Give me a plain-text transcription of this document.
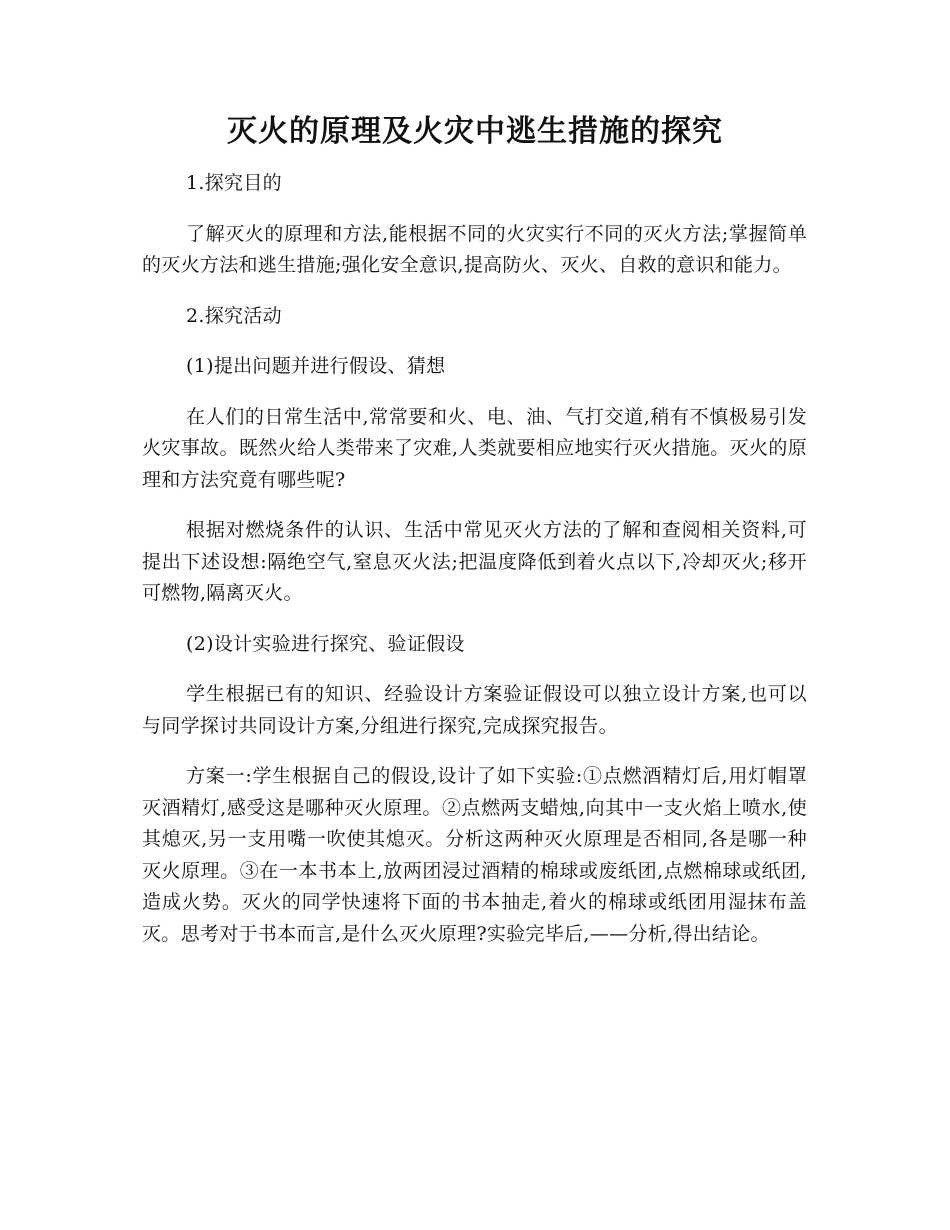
灭火的原理及火灾中逃生措施的探究

1.探究目的

了解灭火的原理和方法,能根据不同的火灾实行不同的灭火方法;掌握简单的灭火方法和逃生措施;强化安全意识,提高防火、灭火、自救的意识和能力。

2.探究活动

(1)提出问题并进行假设、猜想

在人们的日常生活中,常常要和火、电、油、气打交道,稍有不慎极易引发火灾事故。既然火给人类带来了灾难,人类就要相应地实行灭火措施。灭火的原理和方法究竟有哪些呢?

根据对燃烧条件的认识、生活中常见灭火方法的了解和查阅相关资料,可提出下述设想:隔绝空气,窒息灭火法;把温度降低到着火点以下,冷却灭火;移开可燃物,隔离灭火。

(2)设计实验进行探究、验证假设

学生根据已有的知识、经验设计方案验证假设可以独立设计方案,也可以与同学探讨共同设计方案,分组进行探究,完成探究报告。

方案一:学生根据自己的假设,设计了如下实验:①点燃酒精灯后,用灯帽罩灭酒精灯,感受这是哪种灭火原理。②点燃两支蜡烛,向其中一支火焰上喷水,使其熄灭,另一支用嘴一吹使其熄灭。分析这两种灭火原理是否相同,各是哪一种灭火原理。③在一本书本上,放两团浸过酒精的棉球或废纸团,点燃棉球或纸团,造成火势。灭火的同学快速将下面的书本抽走,着火的棉球或纸团用湿抹布盖灭。思考对于书本而言,是什么灭火原理?实验完毕后,——分析,得出结论。
